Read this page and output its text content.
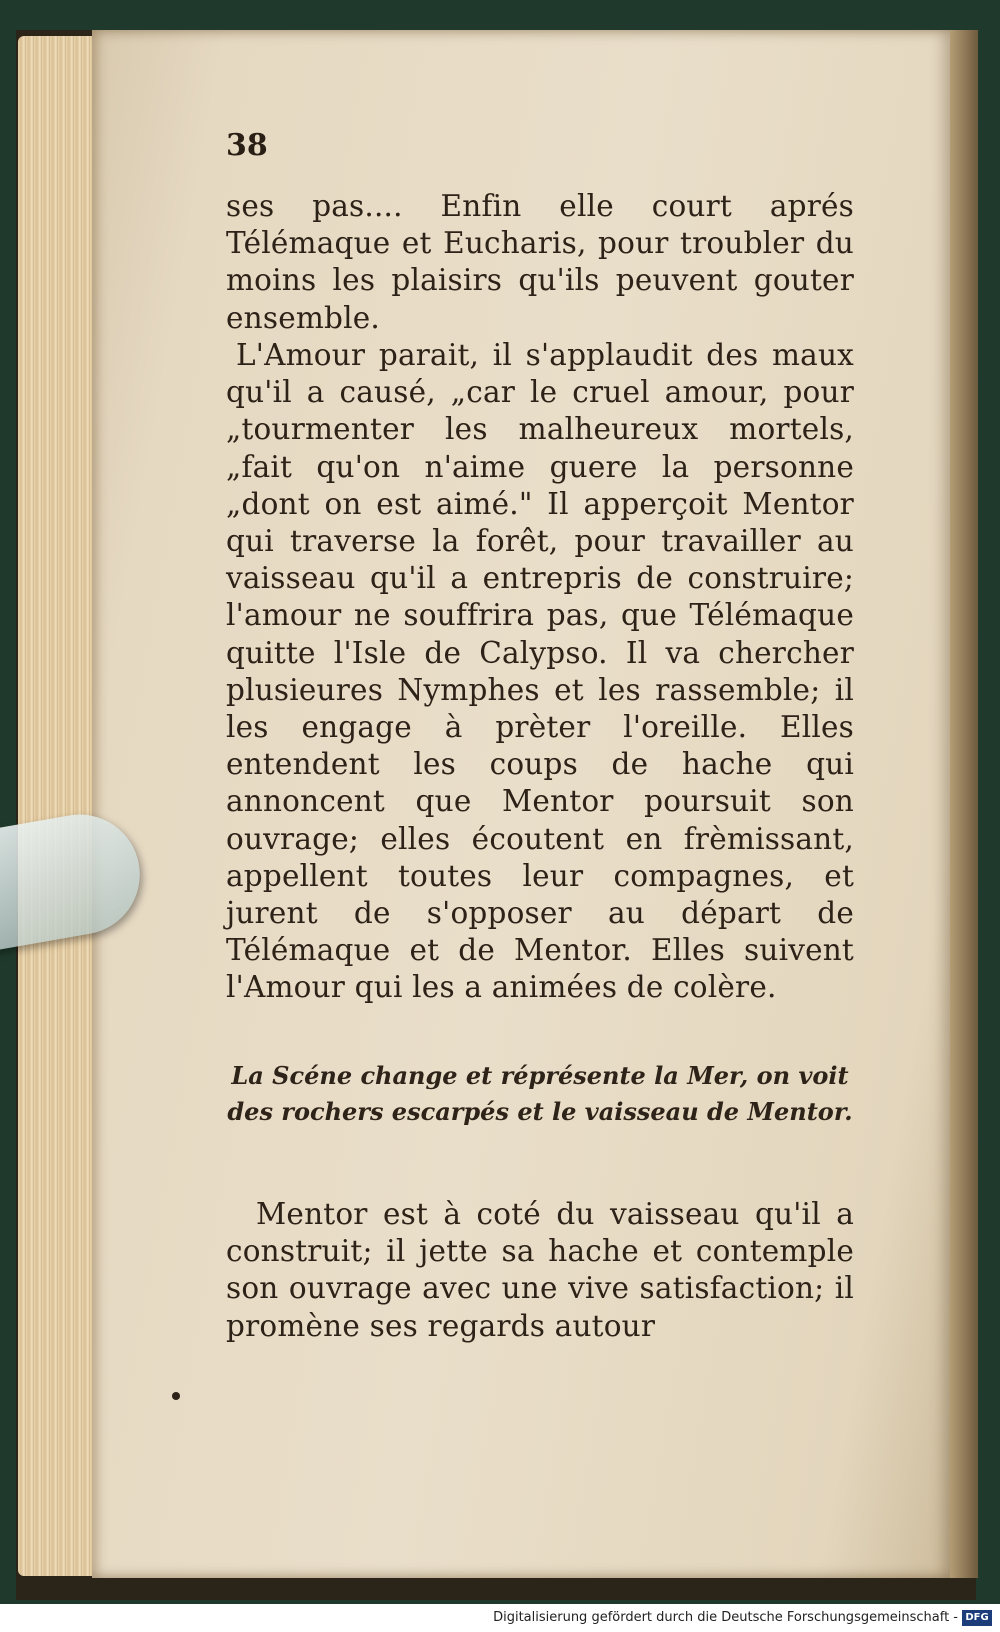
38
ses pas.... Enfin elle court aprés Télémaque et Eucharis, pour troubler du moins les plaisirs qu'ils peuvent gouter ensemble.
L'Amour parait, il s'applaudit des maux qu'il a causé, „car le cruel amour, pour „tourmenter les malheureux mortels, „fait qu'on n'aime guere la personne „dont on est aimé." Il apperçoit Mentor qui traverse la forêt, pour travailler au vaisseau qu'il a entrepris de construire; l'amour ne souffrira pas, que Télémaque quitte l'Isle de Calypso. Il va chercher plusieures Nymphes et les rassemble; il les engage à prèter l'oreille. Elles entendent les coups de hache qui annoncent que Mentor poursuit son ouvrage; elles écoutent en frèmissant, appellent toutes leur compagnes, et jurent de s'opposer au départ de Télémaque et de Mentor. Elles suivent l'Amour qui les a animées de colère.
La Scéne change et réprésente la Mer, on voit des rochers escarpés et le vaisseau de Mentor.
Mentor est à coté du vaisseau qu'il a construit; il jette sa hache et contemple son ouvrage avec une vive satisfaction; il promène ses regards autour
Digitalisierung gefördert durch die Deutsche Forschungsgemeinschaft - DFG
